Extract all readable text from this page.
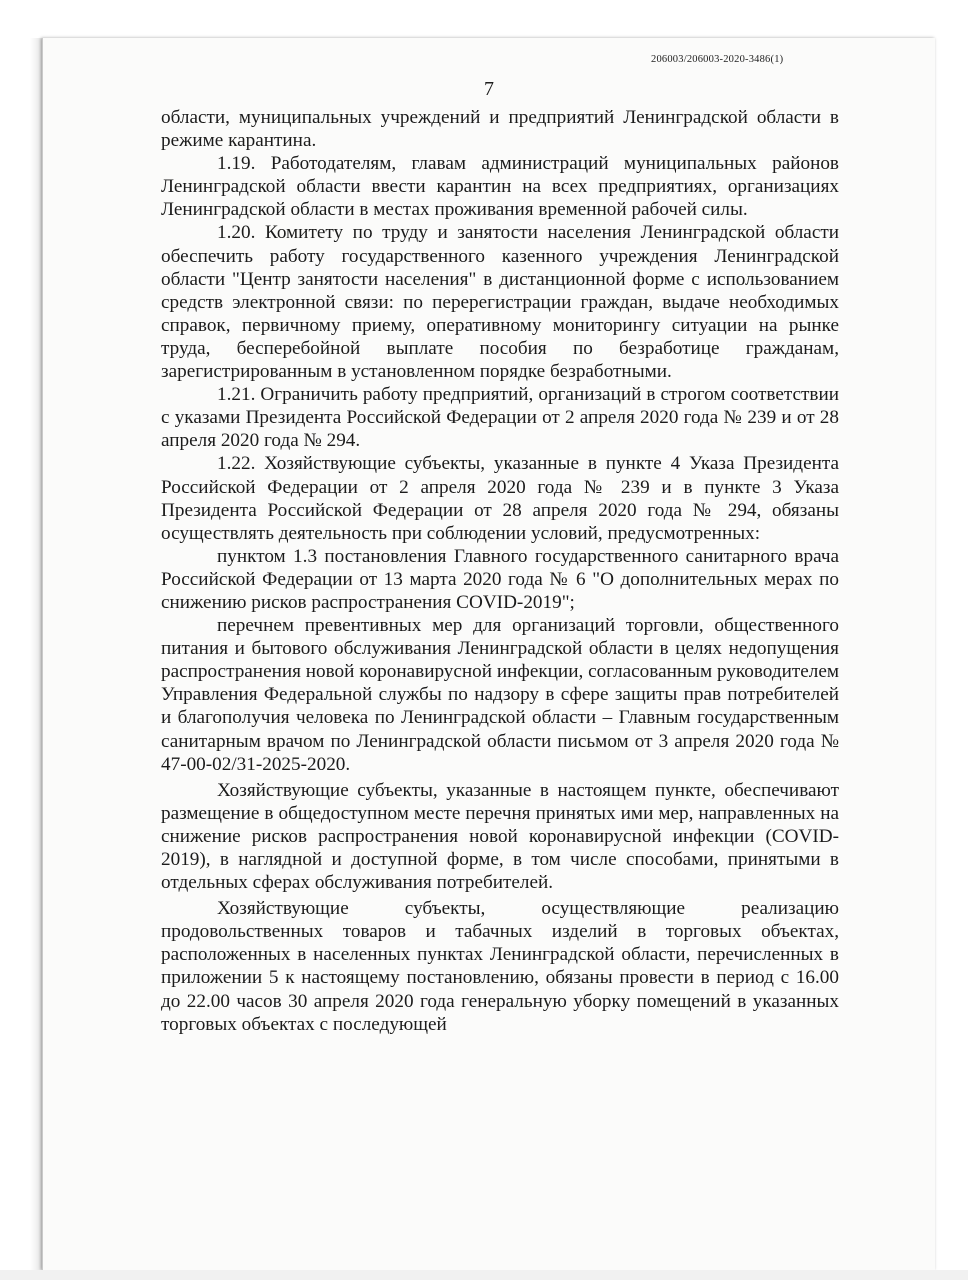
206003/206003-2020-3486(1)
7

области, муниципальных учреждений и предприятий Ленинградской области в режиме карантина.

1.19. Работодателям, главам администраций муниципальных районов Ленинградской области ввести карантин на всех предприятиях, организациях Ленинградской области в местах проживания временной рабочей силы.

1.20. Комитету по труду и занятости населения Ленинградской области обеспечить работу государственного казенного учреждения Ленинградской области "Центр занятости населения" в дистанционной форме с использованием средств электронной связи: по перерегистрации граждан, выдаче необходимых справок, первичному приему, оперативному мониторингу ситуации на рынке труда, бесперебойной выплате пособия по безработице гражданам, зарегистрированным в установленном порядке безработными.

1.21. Ограничить работу предприятий, организаций в строгом соответствии с указами Президента Российской Федерации от 2 апреля 2020 года № 239 и от 28 апреля 2020 года № 294.

1.22. Хозяйствующие субъекты, указанные в пункте 4 Указа Президента Российской Федерации от 2 апреля 2020 года № 239 и в пункте 3 Указа Президента Российской Федерации от 28 апреля 2020 года № 294, обязаны осуществлять деятельность при соблюдении условий, предусмотренных:

пунктом 1.3 постановления Главного государственного санитарного врача Российской Федерации от 13 марта 2020 года № 6 "О дополнительных мерах по снижению рисков распространения COVID-2019";

перечнем превентивных мер для организаций торговли, общественного питания и бытового обслуживания Ленинградской области в целях недопущения распространения новой коронавирусной инфекции, согласованным руководителем Управления Федеральной службы по надзору в сфере защиты прав потребителей и благополучия человека по Ленинградской области – Главным государственным санитарным врачом по Ленинградской области письмом от 3 апреля 2020 года № 47-00-02/31-2025-2020.

Хозяйствующие субъекты, указанные в настоящем пункте, обеспечивают размещение в общедоступном месте перечня принятых ими мер, направленных на снижение рисков распространения новой коронавирусной инфекции (COVID-2019), в наглядной и доступной форме, в том числе способами, принятыми в отдельных сферах обслуживания потребителей.

Хозяйствующие субъекты, осуществляющие реализацию продовольственных товаров и табачных изделий в торговых объектах, расположенных в населенных пунктах Ленинградской области, перечисленных в приложении 5 к настоящему постановлению, обязаны провести в период с 16.00 до 22.00 часов 30 апреля 2020 года генеральную уборку помещений в указанных торговых объектах с последующей
